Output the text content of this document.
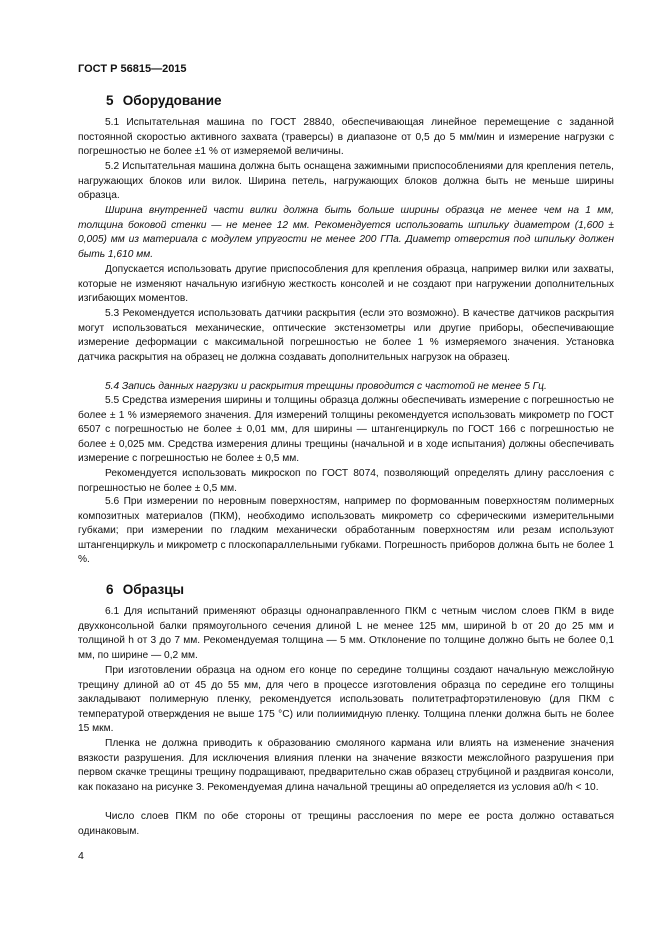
ГОСТ Р 56815—2015
5 Оборудование
5.1 Испытательная машина по ГОСТ 28840, обеспечивающая линейное перемещение с заданной постоянной скоростью активного захвата (траверсы) в диапазоне от 0,5 до 5 мм/мин и измерение нагрузки с погрешностью не более ±1 % от измеряемой величины.
5.2 Испытательная машина должна быть оснащена зажимными приспособлениями для крепления петель, нагружающих блоков или вилок. Ширина петель, нагружающих блоков должна быть не меньше ширины образца.
Ширина внутренней части вилки должна быть больше ширины образца не менее чем на 1 мм, толщина боковой стенки — не менее 12 мм. Рекомендуется использовать шпильку диаметром (1,600 ± 0,005) мм из материала с модулем упругости не менее 200 ГПа. Диаметр отверстия под шпильку должен быть 1,610 мм.
Допускается использовать другие приспособления для крепления образца, например вилки или захваты, которые не изменяют начальную изгибную жесткость консолей и не создают при нагружении дополнительных изгибающих моментов.
5.3 Рекомендуется использовать датчики раскрытия (если это возможно). В качестве датчиков раскрытия могут использоваться механические, оптические экстензометры или другие приборы, обеспечивающие измерение деформации с максимальной погрешностью не более 1 % измеряемого значения. Установка датчика раскрытия на образец не должна создавать дополнительных нагрузок на образец.
5.4 Запись данных нагрузки и раскрытия трещины проводится с частотой не менее 5 Гц.
5.5 Средства измерения ширины и толщины образца должны обеспечивать измерение с погрешностью не более ± 1 % измеряемого значения. Для измерений толщины рекомендуется использовать микрометр по ГОСТ 6507 с погрешностью не более ± 0,01 мм, для ширины — штангенциркуль по ГОСТ 166 с погрешностью не более ± 0,025 мм. Средства измерения длины трещины (начальной и в ходе испытания) должны обеспечивать измерение с погрешностью не более ± 0,5 мм.
Рекомендуется использовать микроскоп по ГОСТ 8074, позволяющий определять длину расслоения с погрешностью не более ± 0,5 мм.
5.6 При измерении по неровным поверхностям, например по формованным поверхностям полимерных композитных материалов (ПКМ), необходимо использовать микрометр со сферическими измерительными губками; при измерении по гладким механически обработанным поверхностям или резам используют штангенциркуль и микрометр с плоскопараллельными губками. Погрешность приборов должна быть не более 1 %.
6 Образцы
6.1 Для испытаний применяют образцы однонаправленного ПКМ с четным числом слоев ПКМ в виде двухконсольной балки прямоугольного сечения длиной L не менее 125 мм, шириной b от 20 до 25 мм и толщиной h от 3 до 7 мм. Рекомендуемая толщина — 5 мм. Отклонение по толщине должно быть не более 0,1 мм, по ширине — 0,2 мм.
При изготовлении образца на одном его конце по середине толщины создают начальную межслойную трещину длиной a0 от 45 до 55 мм, для чего в процессе изготовления образца по середине его толщины закладывают полимерную пленку, рекомендуется использовать политетрафторэтиленовую (для ПКМ с температурой отверждения не выше 175 °С) или полиимидную пленку. Толщина пленки должна быть не более 15 мкм.
Пленка не должна приводить к образованию смоляного кармана или влиять на изменение значения вязкости разрушения. Для исключения влияния пленки на значение вязкости межслойного разрушения при первом скачке трещины трещину подращивают, предварительно сжав образец струбциной и раздвигая консоли, как показано на рисунке 3. Рекомендуемая длина начальной трещины a0 определяется из условия a0/h < 10.
Число слоев ПКМ по обе стороны от трещины расслоения по мере ее роста должно оставаться одинаковым.
4
